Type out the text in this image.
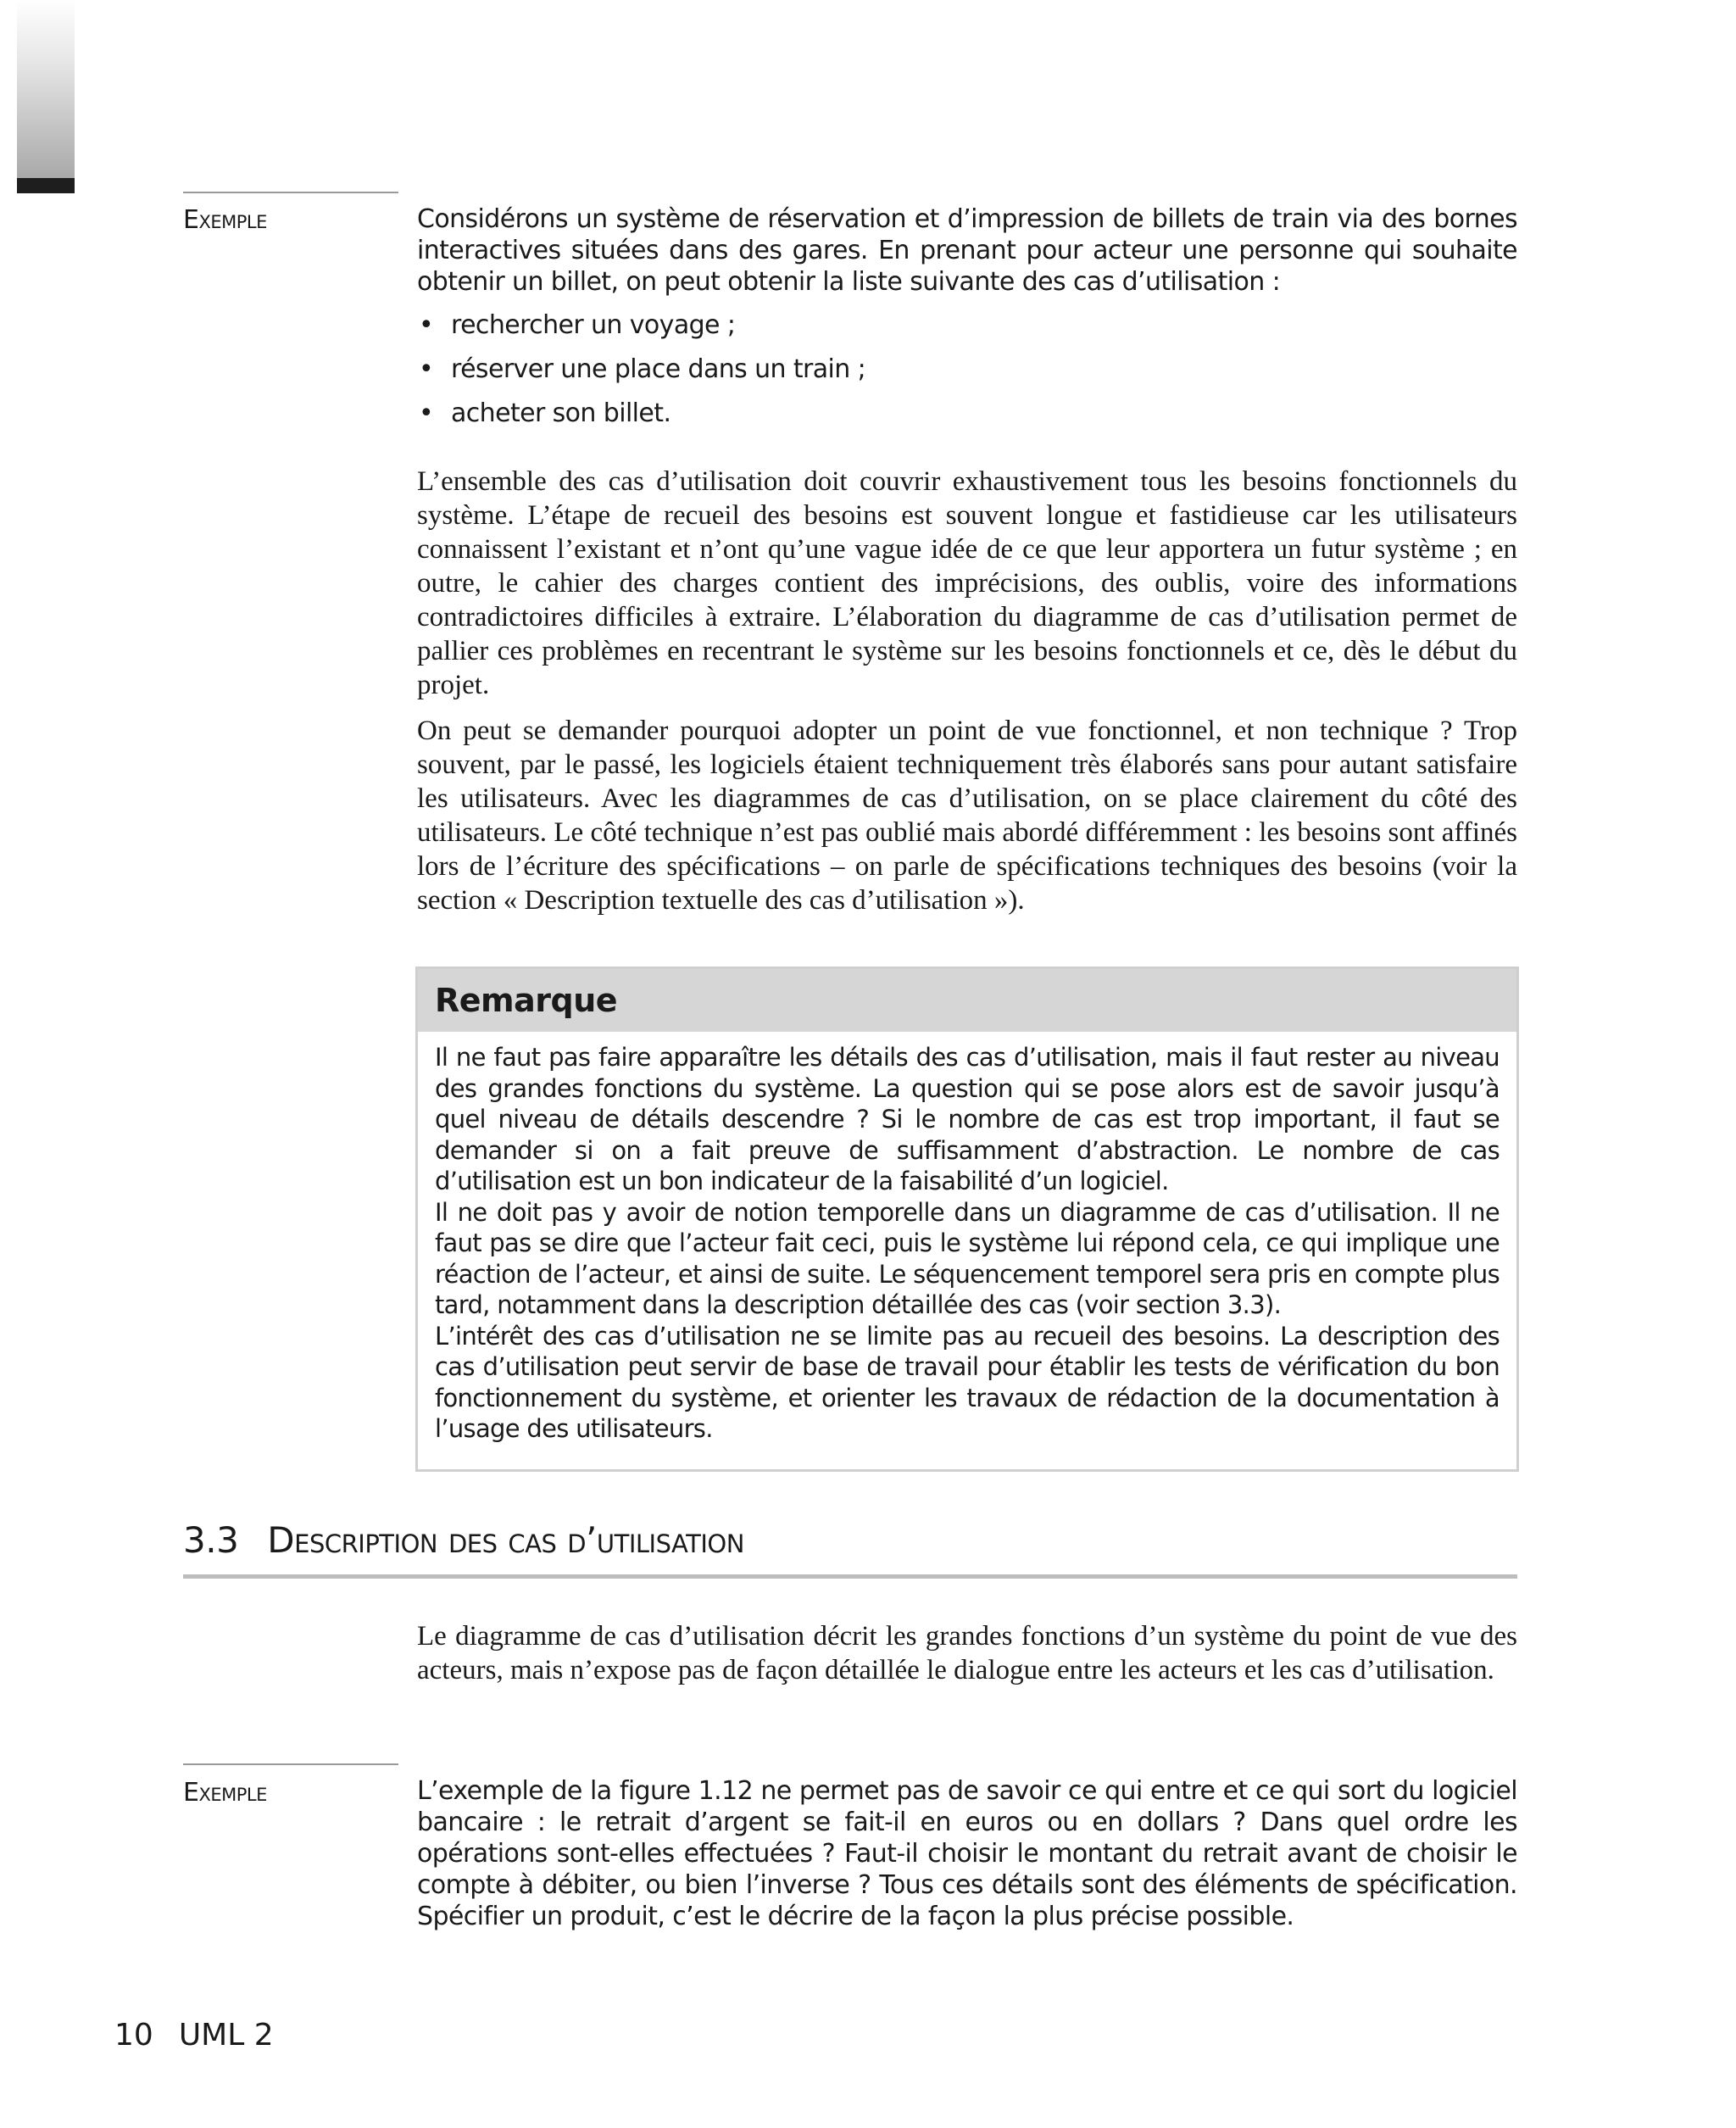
Exemple	Considérons un système de réservation et d’impression de billets de train via des bornes interactives situées dans des gares. En prenant pour acteur une personne qui souhaite obtenir un billet, on peut obtenir la liste suivante des cas d’utilisation :

• rechercher un voyage ;
• réserver une place dans un train ;
• acheter son billet.

L’ensemble des cas d’utilisation doit couvrir exhaustivement tous les besoins fonctionnels du système. L’étape de recueil des besoins est souvent longue et fastidieuse car les utilisateurs connaissent l’existant et n’ont qu’une vague idée de ce que leur apportera un futur système ; en outre, le cahier des charges contient des imprécisions, des oublis, voire des informations contradictoires difficiles à extraire. L’élaboration du diagramme de cas d’utilisation permet de pallier ces problèmes en recentrant le système sur les besoins fonctionnels et ce, dès le début du projet.

On peut se demander pourquoi adopter un point de vue fonctionnel, et non technique ? Trop souvent, par le passé, les logiciels étaient techniquement très élaborés sans pour autant satisfaire les utilisateurs. Avec les diagrammes de cas d’utilisation, on se place clairement du côté des utilisateurs. Le côté technique n’est pas oublié mais abordé différemment : les besoins sont affinés lors de l’écriture des spécifications – on parle de spécifications techniques des besoins (voir la section « Description textuelle des cas d’utilisation »).

Remarque

Il ne faut pas faire apparaître les détails des cas d’utilisation, mais il faut rester au niveau des grandes fonctions du système. La question qui se pose alors est de savoir jusqu’à quel niveau de détails descendre ? Si le nombre de cas est trop important, il faut se demander si on a fait preuve de suffisamment d’abstraction. Le nombre de cas d’utilisation est un bon indicateur de la faisabilité d’un logiciel.

Il ne doit pas y avoir de notion temporelle dans un diagramme de cas d’utilisation. Il ne faut pas se dire que l’acteur fait ceci, puis le système lui répond cela, ce qui implique une réaction de l’acteur, et ainsi de suite. Le séquencement temporel sera pris en compte plus tard, notamment dans la description détaillée des cas (voir section 3.3).

L’intérêt des cas d’utilisation ne se limite pas au recueil des besoins. La description des cas d’utilisation peut servir de base de travail pour établir les tests de vérification du bon fonctionnement du système, et orienter les travaux de rédaction de la documentation à l’usage des utilisateurs.

3.3 Description des cas d’utilisation

Le diagramme de cas d’utilisation décrit les grandes fonctions d’un système du point de vue des acteurs, mais n’expose pas de façon détaillée le dialogue entre les acteurs et les cas d’utilisation.

Exemple	L’exemple de la figure 1.12 ne permet pas de savoir ce qui entre et ce qui sort du logiciel bancaire : le retrait d’argent se fait-il en euros ou en dollars ? Dans quel ordre les opérations sont-elles effectuées ? Faut-il choisir le montant du retrait avant de choisir le compte à débiter, ou bien l’inverse ? Tous ces détails sont des éléments de spécification. Spécifier un produit, c’est le décrire de la façon la plus précise possible.

10 UML 2
